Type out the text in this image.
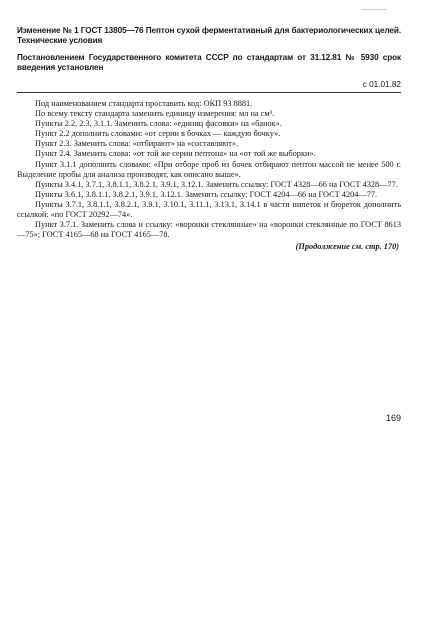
Изменение № 1 ГОСТ 13805—76 Пептон сухой ферментативный для бактериологических целей. Технические условия

Постановлением Государственного комитета СССР по стандартам от 31.12.81 № 5930 срок введения установлен

с 01.01.82

Под наименованием стандарта проставить код: ОКП 93 8881.

По всему тексту стандарта заменить единицу измерения: мл на см³.

Пункты 2.2, 2.3, 3.1.1. Заменить слова: «единиц фасовки» на «банок».

Пункт 2.2 дополнить словами: «от серии в бочках — каждую бочку».

Пункт 2.3. Заменить слова: «отбирают» на «составляют».

Пункт 2.4. Заменить слова: «от той же серии пептона» на «от той же выборки».

Пункт 3.1.1 дополнить словами: «При отборе проб из бочек отбирают пептон массой не менее 500 г. Выделение пробы для анализа производят, как описано выше».

Пункты 3.4.1, 3.7.1, 3.8.1.1, 3.8.2.1, 3.9.1, 3.12.1. Заменить ссылку: ГОСТ 4328—66 на ГОСТ 4328—77.

Пункты 3.6.1, 3.8.1.1, 3.8.2.1, 3.9.1, 3.12.1. Заменить ссылку: ГОСТ 4204—66 на ГОСТ 4204—77.

Пункты 3.7.1, 3.8.1.1, 3.8.2.1, 3.9.1, 3.10.1, 3.11.1, 3.13.1, 3.14.1 в части пипеток и бюреток дополнить ссылкой: «по ГОСТ 20292—74».

Пункт 3.7.1. Заменить слова и ссылку: «воронки стеклянные» на «воронки стеклянные по ГОСТ 8613—75»; ГОСТ 4165—68 на ГОСТ 4165—78.

(Продолжение см. стр. 170)

169
